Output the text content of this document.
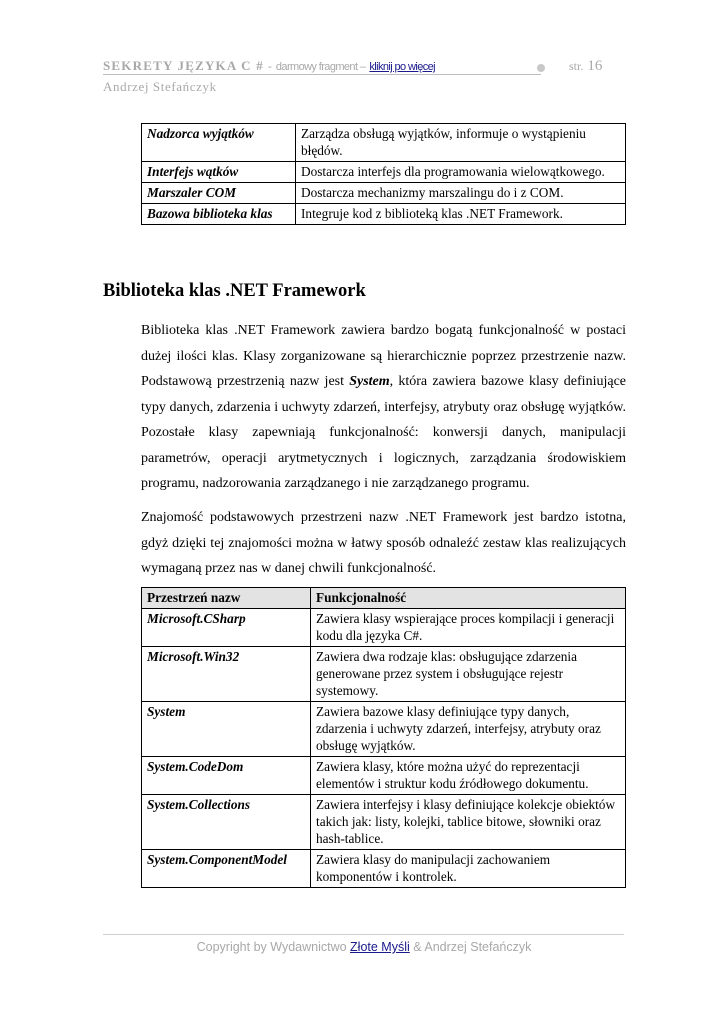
SEKRETY JĘZYKA C # - darmowy fragment – kliknij po więcej	str. 16
Andrzej Stefańczyk
Nadzorca wyjątków	Zarządza obsługą wyjątków, informuje o wystąpieniu błędów.
Interfejs wątków	Dostarcza interfejs dla programowania wielowątkowego.
Marszaler COM	Dostarcza mechanizmy marszalingu do i z COM.
Bazowa biblioteka klas	Integruje kod z biblioteką klas .NET Framework.
Biblioteka klas .NET Framework

Biblioteka klas .NET Framework zawiera bardzo bogatą funkcjonalność w postaci dużej ilości klas. Klasy zorganizowane są hierarchicznie poprzez przestrzenie nazw. Podstawową przestrzenią nazw jest System, która zawiera bazowe klasy definiujące typy danych, zdarzenia i uchwyty zdarzeń, interfejsy, atrybuty oraz obsługę wyjątków. Pozostałe klasy zapewniają funkcjonalność: konwersji danych, manipulacji parametrów, operacji arytmetycznych i logicznych, zarządzania środowiskiem programu, nadzorowania zarządzanego i nie zarządzanego programu.

Znajomość podstawowych przestrzeni nazw .NET Framework jest bardzo istotna, gdyż dzięki tej znajomości można w łatwy sposób odnaleźć zestaw klas realizujących wymaganą przez nas w danej chwili funkcjonalność.

Przestrzeń nazw	Funkcjonalność
Microsoft.CSharp	Zawiera klasy wspierające proces kompilacji i generacji kodu dla języka C#.
Microsoft.Win32	Zawiera dwa rodzaje klas: obsługujące zdarzenia generowane przez system i obsługujące rejestr systemowy.
System	Zawiera bazowe klasy definiujące typy danych, zdarzenia i uchwyty zdarzeń, interfejsy, atrybuty oraz obsługę wyjątków.
System.CodeDom	Zawiera klasy, które można użyć do reprezentacji elementów i struktur kodu źródłowego dokumentu.
System.Collections	Zawiera interfejsy i klasy definiujące kolekcje obiektów takich jak: listy, kolejki, tablice bitowe, słowniki oraz hash-tablice.
System.ComponentModel	Zawiera klasy do manipulacji zachowaniem komponentów i kontrolek.
Copyright by Wydawnictwo Złote Myśli & Andrzej Stefańczyk
